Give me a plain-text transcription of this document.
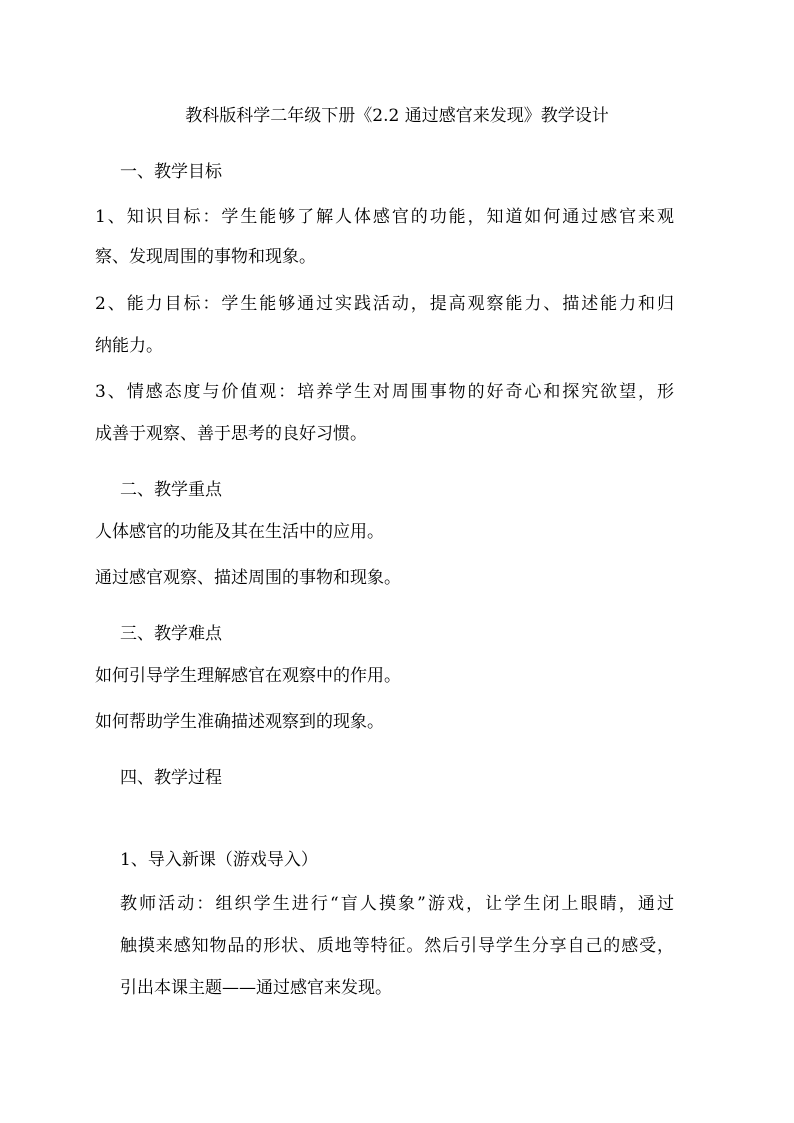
教科版科学二年级下册《2.2 通过感官来发现》教学设计
一、教学目标
1、知识目标：学生能够了解人体感官的功能，知道如何通过感官来观
察、发现周围的事物和现象。
2、能力目标：学生能够通过实践活动，提高观察能力、描述能力和归
纳能力。
3、情感态度与价值观：培养学生对周围事物的好奇心和探究欲望，形
成善于观察、善于思考的良好习惯。
二、教学重点
人体感官的功能及其在生活中的应用。
通过感官观察、描述周围的事物和现象。
三、教学难点
如何引导学生理解感官在观察中的作用。
如何帮助学生准确描述观察到的现象。
四、教学过程
1、导入新课（游戏导入）
教师活动：组织学生进行“盲人摸象”游戏，让学生闭上眼睛，通过
触摸来感知物品的形状、质地等特征。然后引导学生分享自己的感受，
引出本课主题——通过感官来发现。
